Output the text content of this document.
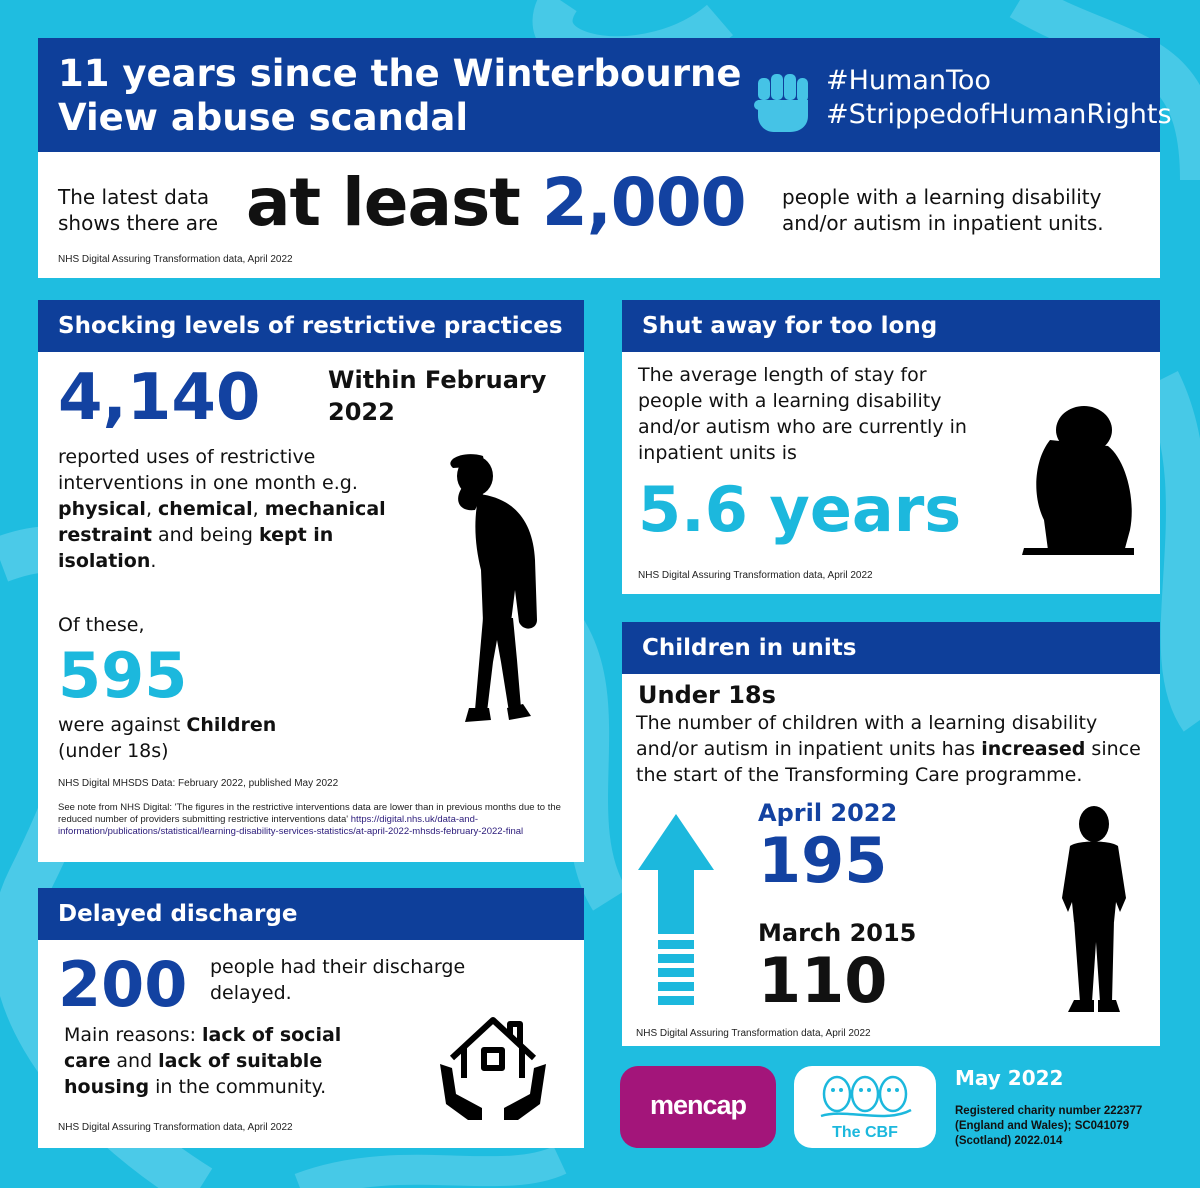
11 years since the Winterbourne View abuse scandal
#HumanToo
#StrippedofHumanRights
The latest data shows there are at least 2,000 people with a learning disability and/or autism in inpatient units.
NHS Digital Assuring Transformation data, April 2022
Shocking levels of restrictive practices
4,140	Within February 2022
reported uses of restrictive interventions in one month e.g. physical, chemical, mechanical restraint and being kept in isolation.
Of these,
595
were against Children
(under 18s)
NHS Digital MHSDS Data: February 2022, published May 2022
See note from NHS Digital: 'The figures in the restrictive interventions data are lower than in previous months due to the reduced number of providers submitting restrictive interventions data' https://digital.nhs.uk/data-and-information/publications/statistical/learning-disability-services-statistics/at-april-2022-mhsds-february-2022-final
Shut away for too long
The average length of stay for people with a learning disability and/or autism who are currently in inpatient units is
5.6 years
NHS Digital Assuring Transformation data, April 2022
Children in units
Under 18s
The number of children with a learning disability and/or autism in inpatient units has increased since the start of the Transforming Care programme.
April 2022
195
March 2015
110
NHS Digital Assuring Transformation data, April 2022
Delayed discharge
200 people had their discharge delayed.
Main reasons: lack of social care and lack of suitable housing in the community.
NHS Digital Assuring Transformation data, April 2022
mencap
The CBF
May 2022
Registered charity number 222377 (England and Wales); SC041079 (Scotland) 2022.014
